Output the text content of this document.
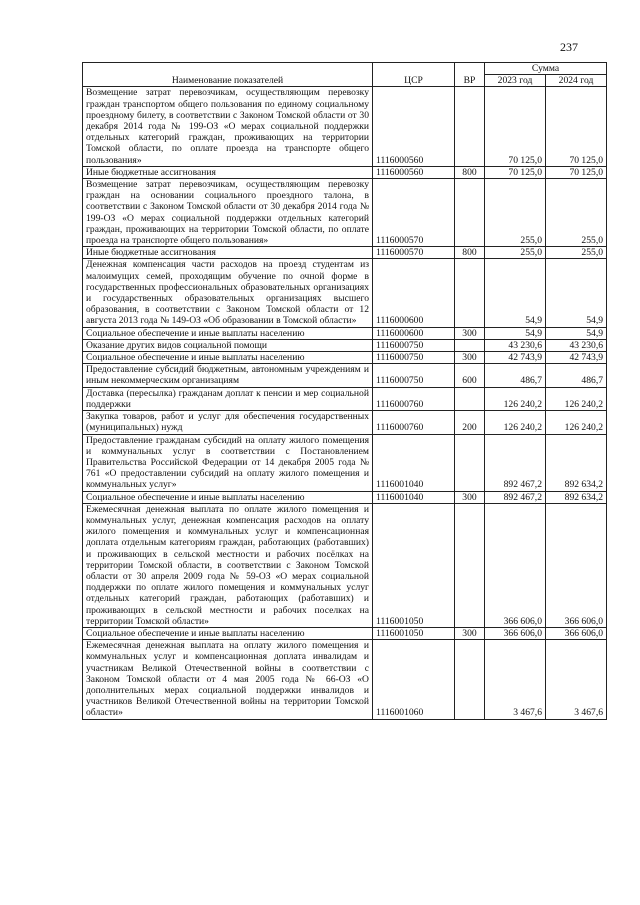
237
Наименование показателей	ЦСР	ВР	Сумма	
			2023 год	2024 год
Возмещение затрат перевозчикам, осуществляющим перевозку граждан транспортом общего пользования по единому социальному проездному билету, в соответствии с Законом Томской области от 30 декабря 2014 года № 199-ОЗ «О мерах социальной поддержки отдельных категорий граждан, проживающих на территории Томской области, по оплате проезда на транспорте общего пользования»	1116000560		70 125,0	70 125,0
Иные бюджетные ассигнования	1116000560	800	70 125,0	70 125,0
Возмещение затрат перевозчикам, осуществляющим перевозку граждан на основании социального проездного талона, в соответствии с Законом Томской области от 30 декабря 2014 года № 199-ОЗ «О мерах социальной поддержки отдельных категорий граждан, проживающих на территории Томской области, по оплате проезда на транспорте общего пользования»	1116000570		255,0	255,0
Иные бюджетные ассигнования	1116000570	800	255,0	255,0
Денежная компенсация части расходов на проезд студентам из малоимущих семей, проходящим обучение по очной форме в государственных профессиональных образовательных организациях и государственных образовательных организациях высшего образования, в соответствии с Законом Томской области от 12 августа 2013 года № 149-ОЗ «Об образовании в Томской области»	1116000600		54,9	54,9
Социальное обеспечение и иные выплаты населению	1116000600	300	54,9	54,9
Оказание других видов социальной помощи	1116000750		43 230,6	43 230,6
Социальное обеспечение и иные выплаты населению	1116000750	300	42 743,9	42 743,9
Предоставление субсидий бюджетным, автономным учреждениям и иным некоммерческим организациям	1116000750	600	486,7	486,7
Доставка (пересылка) гражданам доплат к пенсии и мер социальной поддержки	1116000760		126 240,2	126 240,2
Закупка товаров, работ и услуг для обеспечения государственных (муниципальных) нужд	1116000760	200	126 240,2	126 240,2
Предоставление гражданам субсидий на оплату жилого помещения и коммунальных услуг в соответствии с Постановлением Правительства Российской Федерации от 14 декабря 2005 года № 761 «О предоставлении субсидий на оплату жилого помещения и коммунальных услуг»	1116001040		892 467,2	892 634,2
Социальное обеспечение и иные выплаты населению	1116001040	300	892 467,2	892 634,2
Ежемесячная денежная выплата по оплате жилого помещения и коммунальных услуг, денежная компенсация расходов на оплату жилого помещения и коммунальных услуг и компенсационная доплата отдельным категориям граждан, работающих (работавших) и проживающих в сельской местности и рабочих посёлках на территории Томской области, в соответствии с Законом Томской области от 30 апреля 2009 года № 59-ОЗ «О мерах социальной поддержки по оплате жилого помещения и коммунальных услуг отдельных категорий граждан, работающих (работавших) и проживающих в сельской местности и рабочих поселках на территории Томской области»	1116001050		366 606,0	366 606,0
Социальное обеспечение и иные выплаты населению	1116001050	300	366 606,0	366 606,0
Ежемесячная денежная выплата на оплату жилого помещения и коммунальных услуг и компенсационная доплата инвалидам и участникам Великой Отечественной войны в соответствии с Законом Томской области от 4 мая 2005 года № 66-ОЗ «О дополнительных мерах социальной поддержки инвалидов и участников Великой Отечественной войны на территории Томской области»	1116001060		3 467,6	3 467,6
